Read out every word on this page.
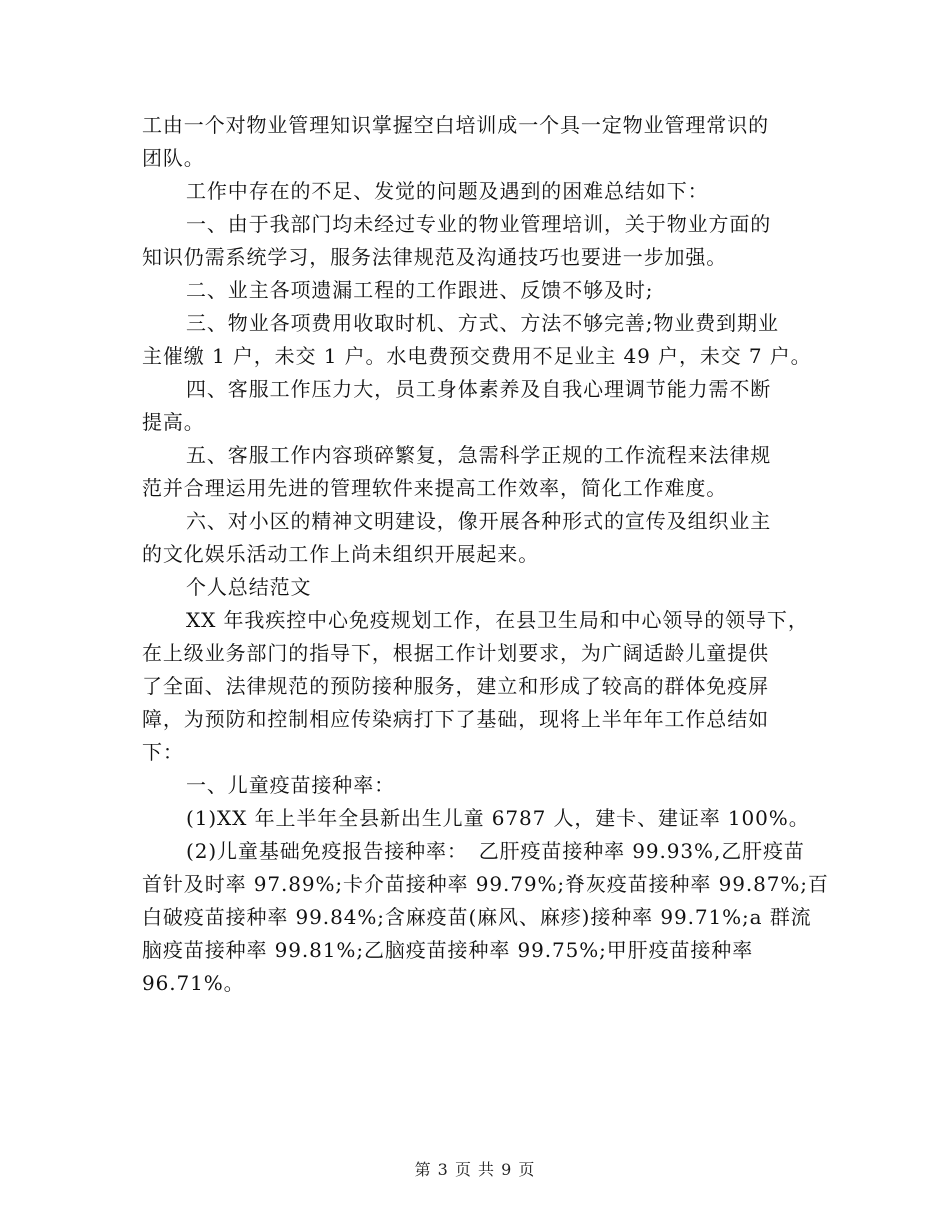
工由一个对物业管理知识掌握空白培训成一个具一定物业管理常识的
团队。
工作中存在的不足、发觉的问题及遇到的困难总结如下：
一、由于我部门均未经过专业的物业管理培训，关于物业方面的
知识仍需系统学习，服务法律规范及沟通技巧也要进一步加强。
二、业主各项遗漏工程的工作跟进、反馈不够及时;
三、物业各项费用收取时机、方式、方法不够完善;物业费到期业
主催缴 1 户，未交 1 户。水电费预交费用不足业主 49 户，未交 7 户。
四、客服工作压力大，员工身体素养及自我心理调节能力需不断
提高。
五、客服工作内容琐碎繁复，急需科学正规的工作流程来法律规
范并合理运用先进的管理软件来提高工作效率，简化工作难度。
六、对小区的精神文明建设，像开展各种形式的宣传及组织业主
的文化娱乐活动工作上尚未组织开展起来。
个人总结范文
XX 年我疾控中心免疫规划工作，在县卫生局和中心领导的领导下，
在上级业务部门的指导下，根据工作计划要求，为广阔适龄儿童提供
了全面、法律规范的预防接种服务，建立和形成了较高的群体免疫屏
障，为预防和控制相应传染病打下了基础，现将上半年年工作总结如
下：
一、儿童疫苗接种率：
(1)XX 年上半年全县新出生儿童 6787 人，建卡、建证率 100%。
(2)儿童基础免疫报告接种率：　乙肝疫苗接种率 99.93%,乙肝疫苗
首针及时率 97.89%;卡介苗接种率 99.79%;脊灰疫苗接种率 99.87%;百
白破疫苗接种率 99.84%;含麻疫苗(麻风、麻疹)接种率 99.71%;a 群流
脑疫苗接种率 99.81%;乙脑疫苗接种率 99.75%;甲肝疫苗接种率
96.71%。
第 3 页 共 9 页
